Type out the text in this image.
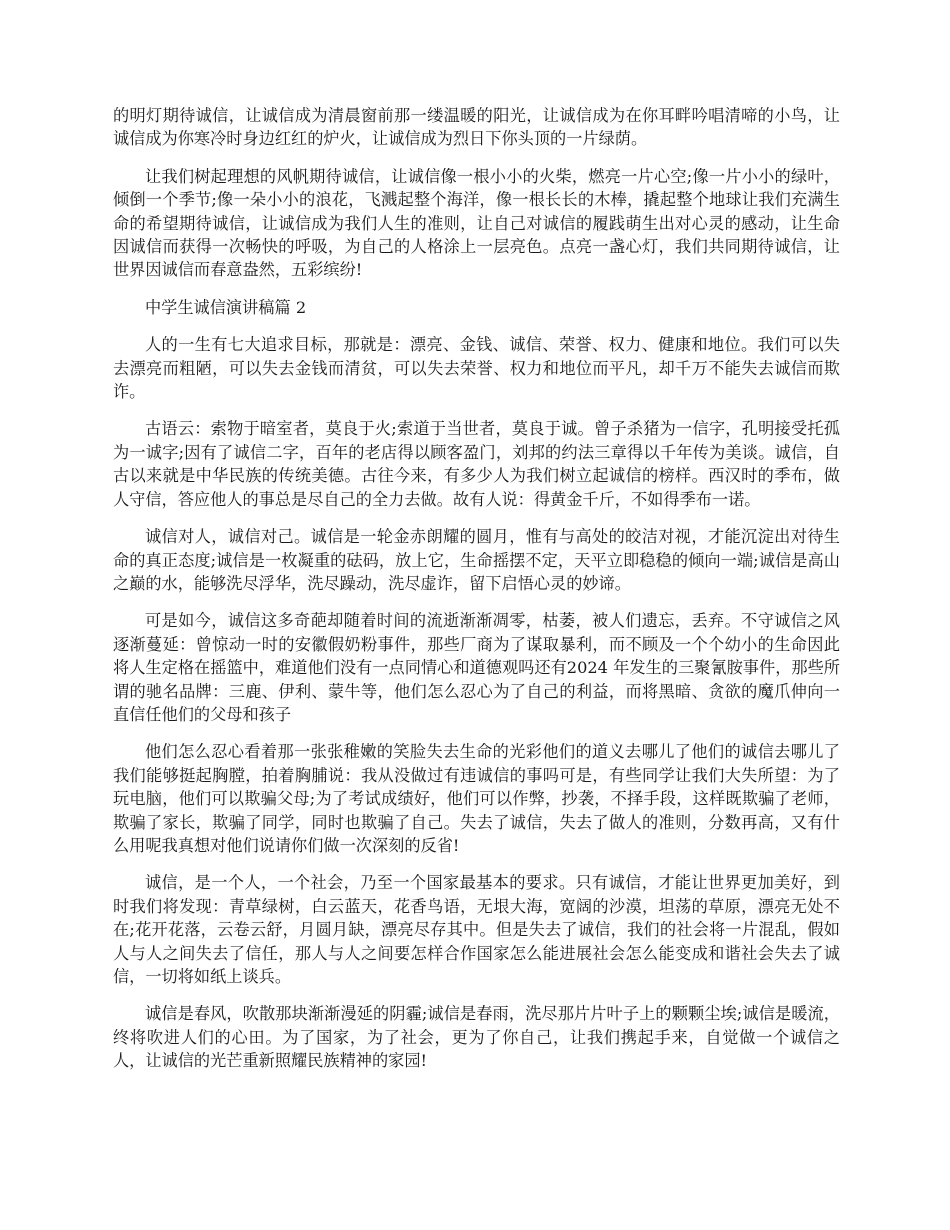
的明灯期待诚信，让诚信成为清晨窗前那一缕温暖的阳光，让诚信成为在你耳畔吟唱清啼的小鸟，让诚信成为你寒冷时身边红红的炉火，让诚信成为烈日下你头顶的一片绿荫。

让我们树起理想的风帆期待诚信，让诚信像一根小小的火柴，燃亮一片心空;像一片小小的绿叶，倾倒一个季节;像一朵小小的浪花，飞溅起整个海洋，像一根长长的木棒，撬起整个地球让我们充满生命的希望期待诚信，让诚信成为我们人生的准则，让自己对诚信的履践萌生出对心灵的感动，让生命因诚信而获得一次畅快的呼吸，为自己的人格涂上一层亮色。点亮一盏心灯，我们共同期待诚信，让世界因诚信而春意盎然，五彩缤纷!

中学生诚信演讲稿篇 2

人的一生有七大追求目标，那就是：漂亮、金钱、诚信、荣誉、权力、健康和地位。我们可以失去漂亮而粗陋，可以失去金钱而清贫，可以失去荣誉、权力和地位而平凡，却千万不能失去诚信而欺诈。

古语云：索物于暗室者，莫良于火;索道于当世者，莫良于诚。曾子杀猪为一信字，孔明接受托孤为一诚字;因有了诚信二字，百年的老店得以顾客盈门，刘邦的约法三章得以千年传为美谈。诚信，自古以来就是中华民族的传统美德。古往今来，有多少人为我们树立起诚信的榜样。西汉时的季布，做人守信，答应他人的事总是尽自己的全力去做。故有人说：得黄金千斤，不如得季布一诺。

诚信对人，诚信对己。诚信是一轮金赤朗耀的圆月，惟有与高处的皎洁对视，才能沉淀出对待生命的真正态度;诚信是一枚凝重的砝码，放上它，生命摇摆不定，天平立即稳稳的倾向一端;诚信是高山之巅的水，能够洗尽浮华，洗尽躁动，洗尽虚诈，留下启悟心灵的妙谛。

可是如今，诚信这多奇葩却随着时间的流逝渐渐凋零，枯萎，被人们遗忘，丢弃。不守诚信之风逐渐蔓延：曾惊动一时的安徽假奶粉事件，那些厂商为了谋取暴利，而不顾及一个个幼小的生命因此将人生定格在摇篮中，难道他们没有一点同情心和道德观吗还有2024 年发生的三聚氰胺事件，那些所谓的驰名品牌：三鹿、伊利、蒙牛等，他们怎么忍心为了自己的利益，而将黑暗、贪欲的魔爪伸向一直信任他们的父母和孩子

他们怎么忍心看着那一张张稚嫩的笑脸失去生命的光彩他们的道义去哪儿了他们的诚信去哪儿了我们能够挺起胸膛，拍着胸脯说：我从没做过有违诚信的事吗可是，有些同学让我们大失所望：为了玩电脑，他们可以欺骗父母;为了考试成绩好，他们可以作弊，抄袭，不择手段，这样既欺骗了老师，欺骗了家长，欺骗了同学，同时也欺骗了自己。失去了诚信，失去了做人的准则，分数再高，又有什么用呢我真想对他们说请你们做一次深刻的反省!

诚信，是一个人，一个社会，乃至一个国家最基本的要求。只有诚信，才能让世界更加美好，到时我们将发现：青草绿树，白云蓝天，花香鸟语，无垠大海，宽阔的沙漠，坦荡的草原，漂亮无处不在;花开花落，云卷云舒，月圆月缺，漂亮尽存其中。但是失去了诚信，我们的社会将一片混乱，假如人与人之间失去了信任，那人与人之间要怎样合作国家怎么能进展社会怎么能变成和谐社会失去了诚信，一切将如纸上谈兵。

诚信是春风，吹散那块渐渐漫延的阴霾;诚信是春雨，洗尽那片片叶子上的颗颗尘埃;诚信是暖流，终将吹进人们的心田。为了国家，为了社会，更为了你自己，让我们携起手来，自觉做一个诚信之人，让诚信的光芒重新照耀民族精神的家园!
